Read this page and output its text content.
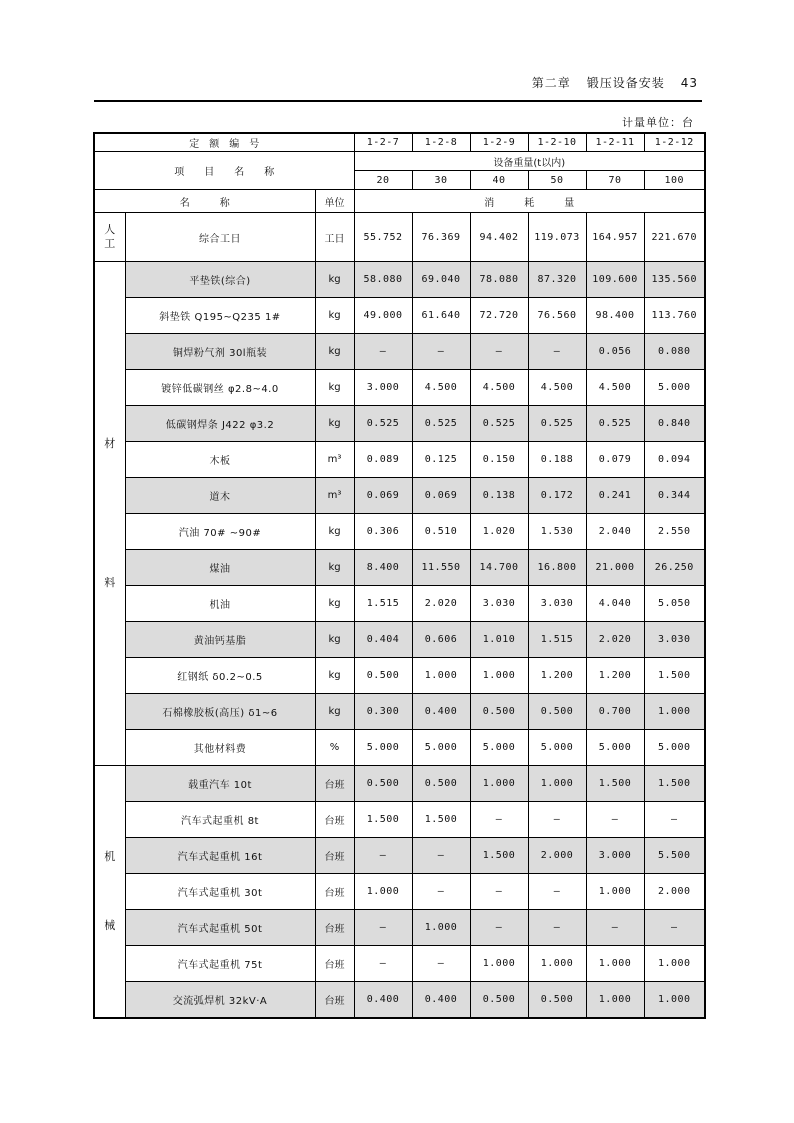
第二章 锻压设备安装 43
计量单位：台
定　额　编　号			1-2-7	1-2-8	1-2-9	1-2-10	1-2-11	1-2-12
项　　目　　名　　称			设备重量(t以内)					
			20	30	40	50	70	100
名　　　称		单位	消　　　耗　　　量					

人
工	综合工日	工日	55.752	76.369	94.402	119.073	164.957	221.670

材
料	平垫铁(综合)	kg	58.080	69.040	78.080	87.320	109.600	135.560
	斜垫铁 Q195~Q235 1#	kg	49.000	61.640	72.720	76.560	98.400	113.760
	铜焊粉气剂 30l瓶装	kg	—	—	—	—	0.056	0.080
	镀锌低碳钢丝 φ2.8~4.0	kg	3.000	4.500	4.500	4.500	4.500	5.000
	低碳钢焊条 J422 φ3.2	kg	0.525	0.525	0.525	0.525	0.525	0.840
	木板	m³	0.089	0.125	0.150	0.188	0.079	0.094
	道木	m³	0.069	0.069	0.138	0.172	0.241	0.344
	汽油 70# ~90#	kg	0.306	0.510	1.020	1.530	2.040	2.550
	煤油	kg	8.400	11.550	14.700	16.800	21.000	26.250
	机油	kg	1.515	2.020	3.030	3.030	4.040	5.050
	黄油钙基脂	kg	0.404	0.606	1.010	1.515	2.020	3.030
	红钢纸 δ0.2~0.5	kg	0.500	1.000	1.000	1.200	1.200	1.500
	石棉橡胶板(高压) δ1~6	kg	0.300	0.400	0.500	0.500	0.700	1.000
	其他材料费	%	5.000	5.000	5.000	5.000	5.000	5.000

机
械	载重汽车 10t	台班	0.500	0.500	1.000	1.000	1.500	1.500
	汽车式起重机 8t	台班	1.500	1.500	—	—	—	—
	汽车式起重机 16t	台班	—	—	1.500	2.000	3.000	5.500
	汽车式起重机 30t	台班	1.000	—	—	—	1.000	2.000
	汽车式起重机 50t	台班	—	1.000	—	—	—	—
	汽车式起重机 75t	台班	—	—	1.000	1.000	1.000	1.000
	交流弧焊机 32kV·A	台班	0.400	0.400	0.500	0.500	1.000	1.000
